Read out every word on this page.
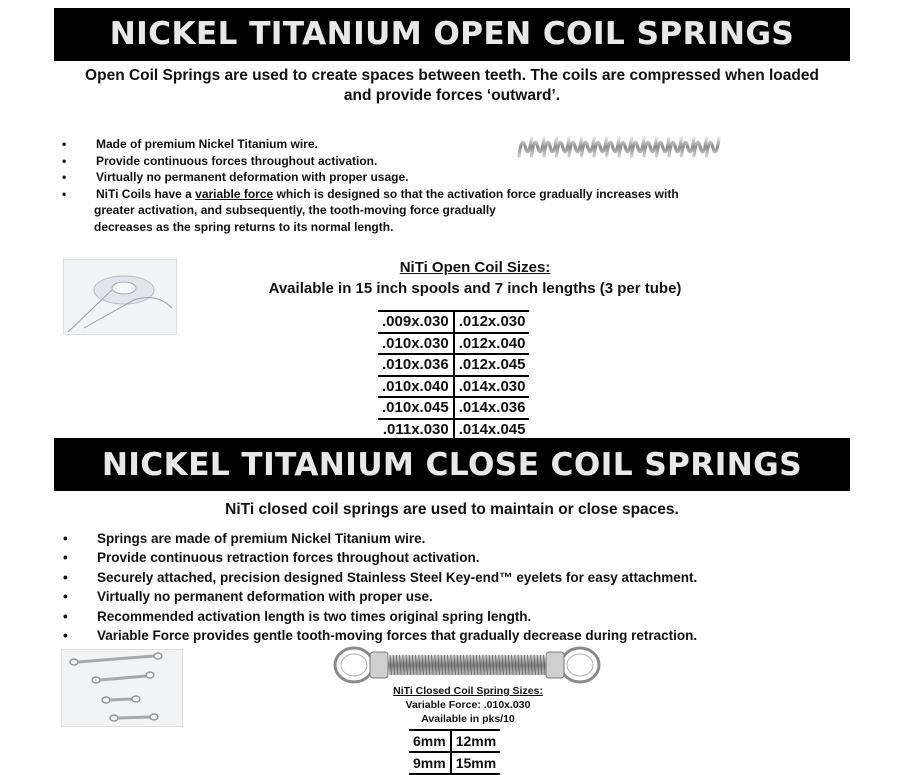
NICKEL TITANIUM OPEN COIL SPRINGS

Open Coil Springs are used to create spaces between teeth. The coils are compressed when loaded
and provide forces ‘outward’.

• Made of premium Nickel Titanium wire.
• Provide continuous forces throughout activation.
• Virtually no permanent deformation with proper usage.
• NiTi Coils have a variable force which is designed so that the activation force gradually increases with
greater activation, and subsequently, the tooth-moving force gradually
decreases as the spring returns to its normal length.
NiTi Open Coil Sizes:
Available in 15 inch spools and 7 inch lengths (3 per tube)
.009x.030	.012x.030
.010x.030	.012x.040
.010x.036	.012x.045
.010x.040	.014x.030
.010x.045	.014x.036
.011x.030	.014x.045
NICKEL TITANIUM CLOSE COIL SPRINGS

NiTi closed coil springs are used to maintain or close spaces.

• Springs are made of premium Nickel Titanium wire.
• Provide continuous retraction forces throughout activation.
• Securely attached, precision designed Stainless Steel Key-end™ eyelets for easy attachment.
• Virtually no permanent deformation with proper use.
• Recommended activation length is two times original spring length.
• Variable Force provides gentle tooth-moving forces that gradually decrease during retraction.
NiTi Closed Coil Spring Sizes:
Variable Force: .010x.030
Available in pks/10
6mm	12mm
9mm	15mm
